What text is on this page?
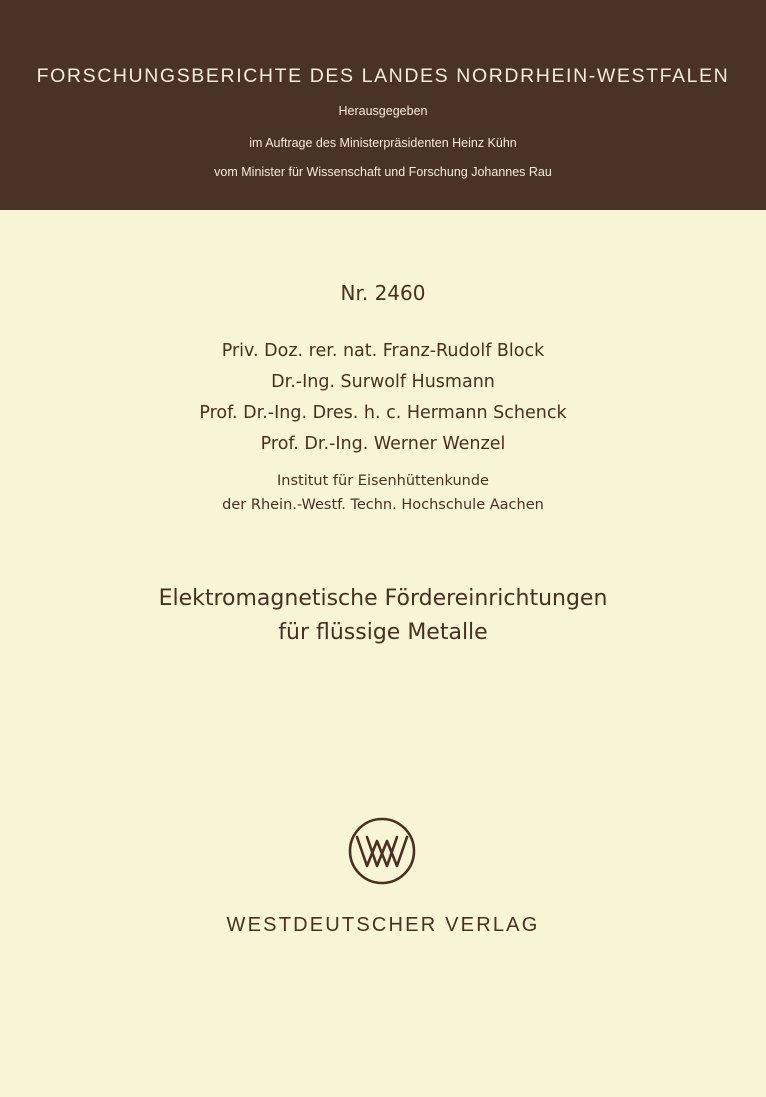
FORSCHUNGSBERICHTE DES LANDES NORDRHEIN-WESTFALEN
Herausgegeben
im Auftrage des Ministerpräsidenten Heinz Kühn
vom Minister für Wissenschaft und Forschung Johannes Rau
Nr. 2460
Priv. Doz. rer. nat. Franz-Rudolf Block
Dr.-Ing. Surwolf Husmann
Prof. Dr.-Ing. Dres. h. c. Hermann Schenck
Prof. Dr.-Ing. Werner Wenzel
Institut für Eisenhüttenkunde
der Rhein.-Westf. Techn. Hochschule Aachen
Elektromagnetische Fördereinrichtungen
für flüssige Metalle
WESTDEUTSCHER VERLAG
